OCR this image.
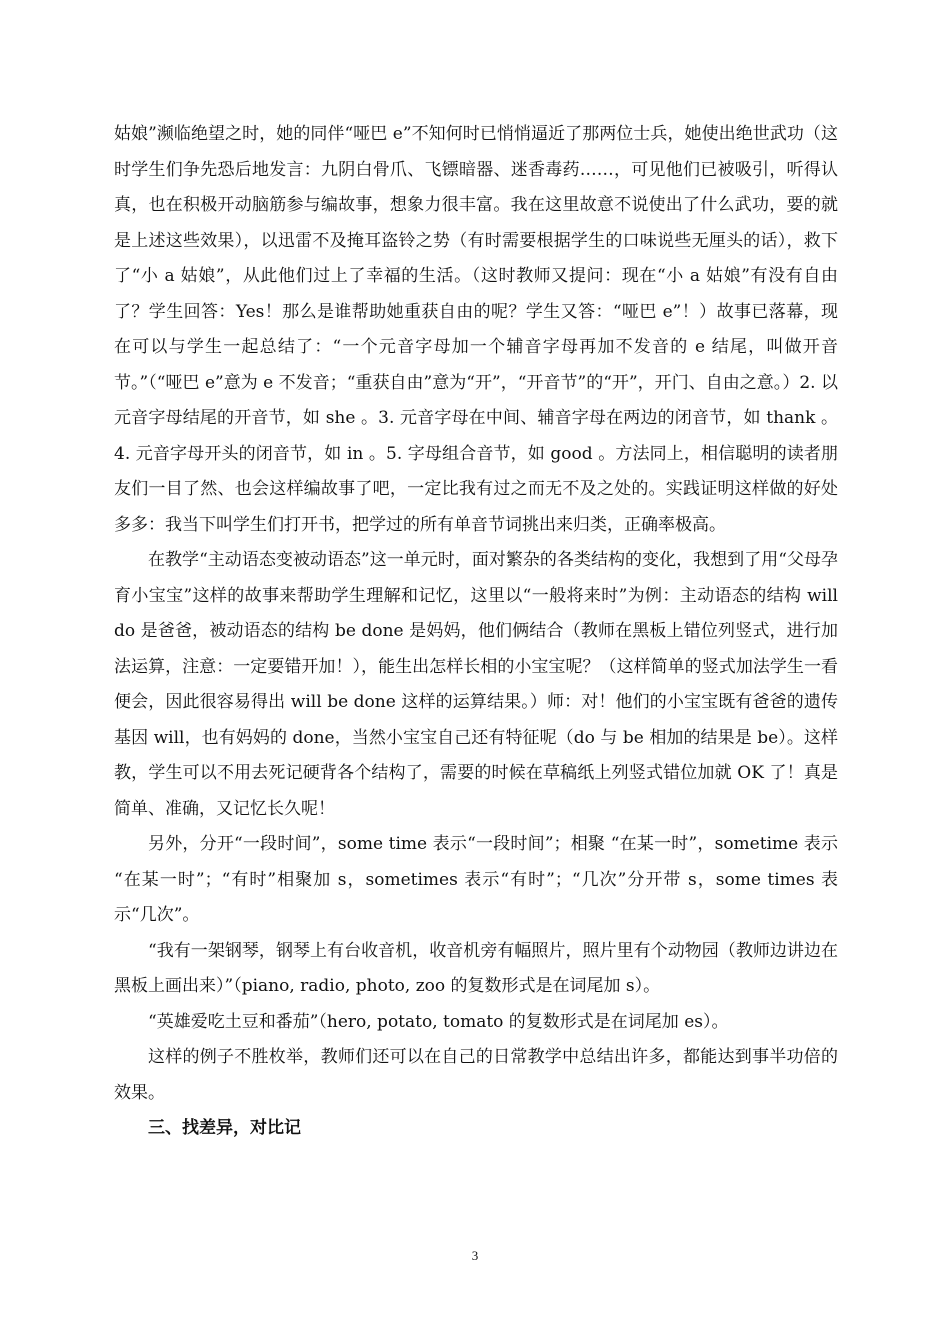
姑娘”濒临绝望之时，她的同伴“哑巴 e”不知何时已悄悄逼近了那两位士兵，她使出绝世武功（这时学生们争先恐后地发言：九阴白骨爪、飞镖暗器、迷香毒药……，可见他们已被吸引，听得认真，也在积极开动脑筋参与编故事，想象力很丰富。我在这里故意不说使出了什么武功，要的就是上述这些效果），以迅雷不及掩耳盗铃之势（有时需要根据学生的口味说些无厘头的话），救下了“小 a 姑娘”，从此他们过上了幸福的生活。（这时教师又提问：现在“小 a 姑娘”有没有自由了？学生回答：Yes！那么是谁帮助她重获自由的呢？学生又答：“哑巴 e”！）故事已落幕，现在可以与学生一起总结了：“一个元音字母加一个辅音字母再加不发音的 e 结尾，叫做开音节。”（“哑巴 e”意为 e 不发音；“重获自由”意为“开”，“开音节”的“开”，开门、自由之意。）2. 以元音字母结尾的开音节，如 she 。3. 元音字母在中间、辅音字母在两边的闭音节，如 thank 。4. 元音字母开头的闭音节，如 in 。5. 字母组合音节，如 good 。方法同上，相信聪明的读者朋友们一目了然、也会这样编故事了吧，一定比我有过之而无不及之处的。实践证明这样做的好处多多：我当下叫学生们打开书，把学过的所有单音节词挑出来归类，正确率极高。

在教学“主动语态变被动语态”这一单元时，面对繁杂的各类结构的变化，我想到了用“父母孕育小宝宝”这样的故事来帮助学生理解和记忆，这里以“一般将来时”为例：主动语态的结构 will do 是爸爸，被动语态的结构 be done 是妈妈，他们俩结合（教师在黑板上错位列竖式，进行加法运算，注意：一定要错开加！），能生出怎样长相的小宝宝呢？（这样简单的竖式加法学生一看便会，因此很容易得出 will be done 这样的运算结果。）师：对！他们的小宝宝既有爸爸的遗传基因 will，也有妈妈的 done，当然小宝宝自己还有特征呢（do 与 be 相加的结果是 be）。这样教，学生可以不用去死记硬背各个结构了，需要的时候在草稿纸上列竖式错位加就 OK 了！真是简单、准确，又记忆长久呢！

另外，分开“一段时间”，some time 表示“一段时间”；相聚 “在某一时”，sometime 表示 “在某一时”；“有时”相聚加 s，sometimes 表示“有时”；“几次”分开带 s，some times 表示“几次”。

“我有一架钢琴，钢琴上有台收音机，收音机旁有幅照片，照片里有个动物园（教师边讲边在黑板上画出来）”（piano, radio, photo, zoo 的复数形式是在词尾加 s）。

“英雄爱吃土豆和番茄”（hero, potato, tomato 的复数形式是在词尾加 es）。

这样的例子不胜枚举，教师们还可以在自己的日常教学中总结出许多，都能达到事半功倍的效果。

三、找差异，对比记

3
